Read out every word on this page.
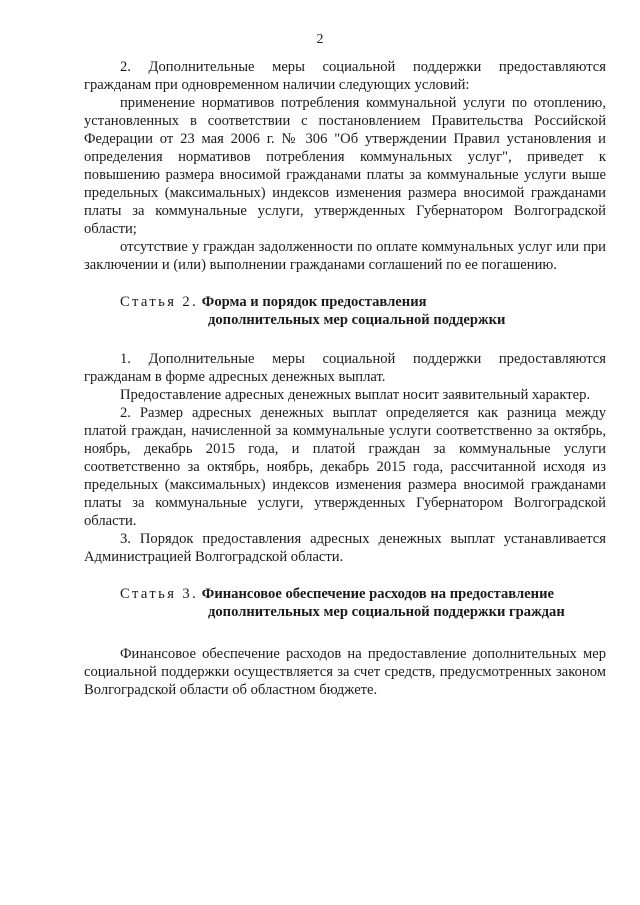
2

2. Дополнительные меры социальной поддержки предоставляются гражданам при одновременном наличии следующих условий:

применение нормативов потребления коммунальной услуги по отоплению, установленных в соответствии с постановлением Правительства Российской Федерации от 23 мая 2006 г. № 306 "Об утверждении Правил установления и определения нормативов потребления коммунальных услуг", приведет к повышению размера вносимой гражданами платы за коммунальные услуги выше предельных (максимальных) индексов изменения размера вносимой гражданами платы за коммунальные услуги, утвержденных Губернатором Волгоградской области;

отсутствие у граждан задолженности по оплате коммунальных услуг или при заключении и (или) выполнении гражданами соглашений по ее погашению.

Статья 2. Форма и порядок предоставления
дополнительных мер социальной поддержки

1. Дополнительные меры социальной поддержки предоставляются гражданам в форме адресных денежных выплат.

Предоставление адресных денежных выплат носит заявительный характер.

2. Размер адресных денежных выплат определяется как разница между платой граждан, начисленной за коммунальные услуги соответственно за октябрь, ноябрь, декабрь 2015 года, и платой граждан за коммунальные услуги соответственно за октябрь, ноябрь, декабрь 2015 года, рассчитанной исходя из предельных (максимальных) индексов изменения размера вносимой гражданами платы за коммунальные услуги, утвержденных Губернатором Волгоградской области.

3. Порядок предоставления адресных денежных выплат устанавливается Администрацией Волгоградской области.

Статья 3. Финансовое обеспечение расходов на предоставление
дополнительных мер социальной поддержки граждан

Финансовое обеспечение расходов на предоставление дополнительных мер социальной поддержки осуществляется за счет средств, предусмотренных законом Волгоградской области об областном бюджете.
